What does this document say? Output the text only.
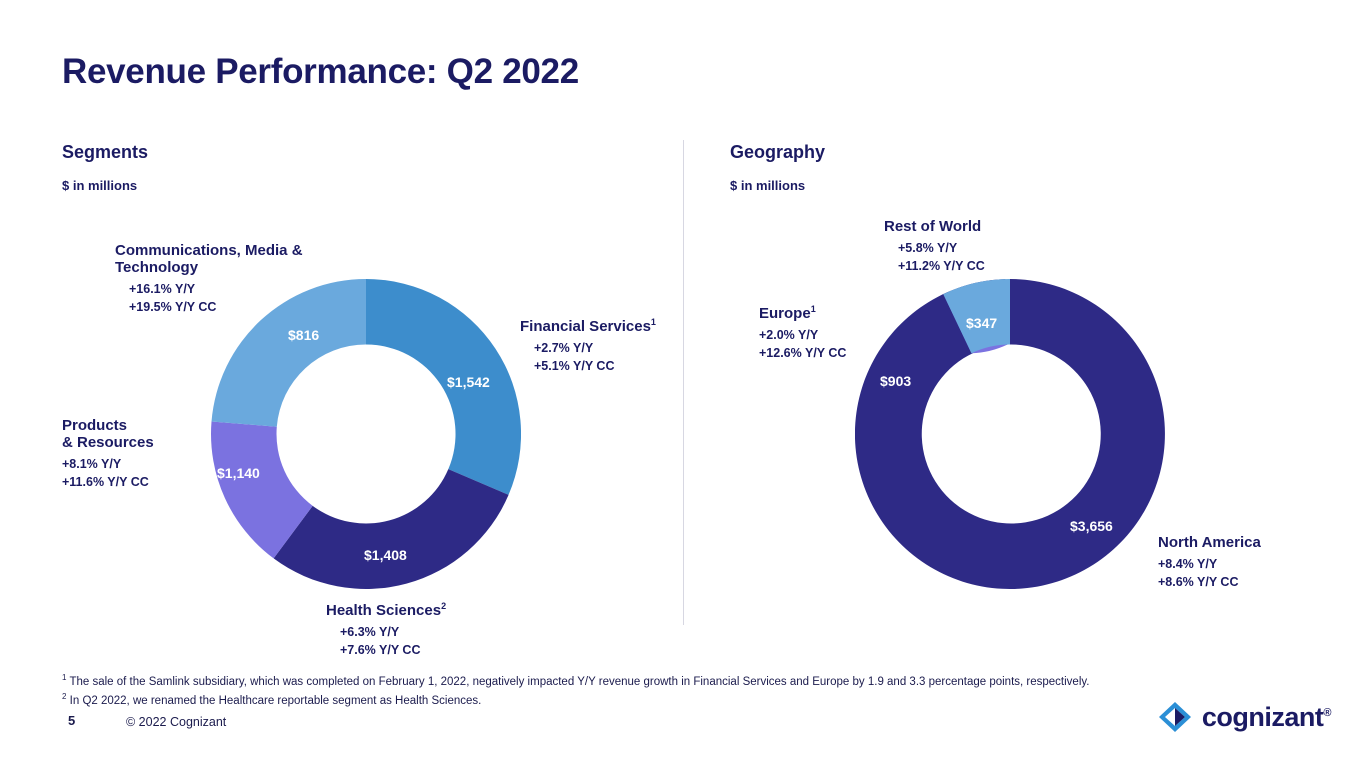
Revenue Performance: Q2 2022
Segments
$ in millions
$1,542
$1,408
$1,140
$816
Communications, Media &
Technology
+16.1% Y/Y
+19.5% Y/Y CC
Financial Services$^1$
+2.7% Y/Y
+5.1% Y/Y CC
Products
& Resources
+8.1% Y/Y
+11.6% Y/Y CC
Health Sciences$^2$
+6.3% Y/Y
+7.6% Y/Y CC
Geography
$ in millions
$3,656
$903
$347
Rest of World
+5.8% Y/Y
+11.2% Y/Y CC
Europe$^1$
+2.0% Y/Y
+12.6% Y/Y CC
North America
+8.4% Y/Y
+8.6% Y/Y CC
$^1$ The sale of the Samlink subsidiary, which was completed on February 1, 2022, negatively impacted Y/Y revenue growth in Financial Services and Europe by 1.9 and 3.3 percentage points, respectively.
$^2$ In Q2 2022, we renamed the Healthcare reportable segment as Health Sciences.
5	© 2022 Cognizant	cognizant®
